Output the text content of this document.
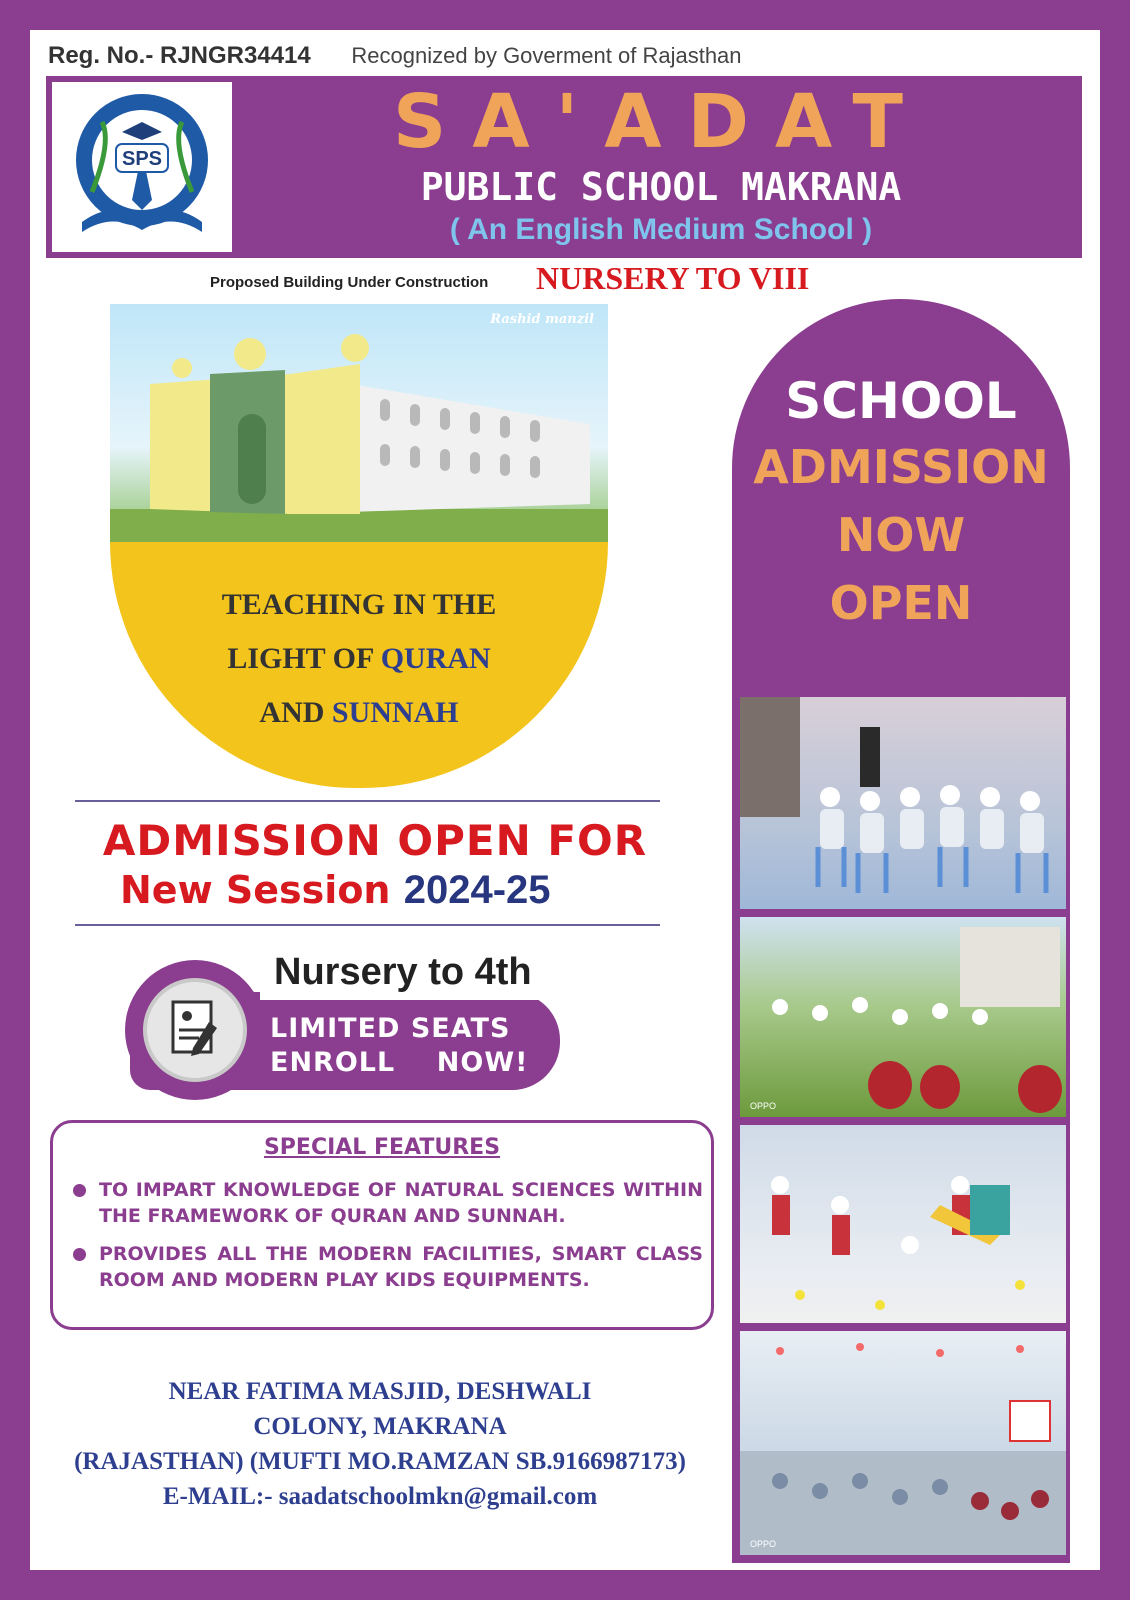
Reg. No.- RJNGR34414 Recognized by Goverment of Rajasthan
SPS	SA'ADAT
PUBLIC SCHOOL MAKRANA
( An English Medium School )
Proposed Building Under Construction NURSERY TO VIII
Rashid manzil
TEACHING IN THE
LIGHT OF QURAN
AND SUNNAH
ADMISSION OPEN FOR
New Session 2024-25
Nursery to 4th
LIMITED SEATS
ENROLL    NOW!
SPECIAL FEATURES
TO IMPART KNOWLEDGE OF NATURAL SCIENCES WITHIN THE FRAMEWORK OF QURAN AND SUNNAH.
PROVIDES ALL THE MODERN FACILITIES, SMART CLASS ROOM AND MODERN PLAY KIDS EQUIPMENTS.
NEAR FATIMA MASJID, DESHWALI
COLONY, MAKRANA
(RAJASTHAN) (MUFTI MO.RAMZAN SB.9166987173)
E-MAIL:- saadatschoolmkn@gmail.com
SCHOOL
ADMISSION
NOW
OPEN
OPPO
OPPO
